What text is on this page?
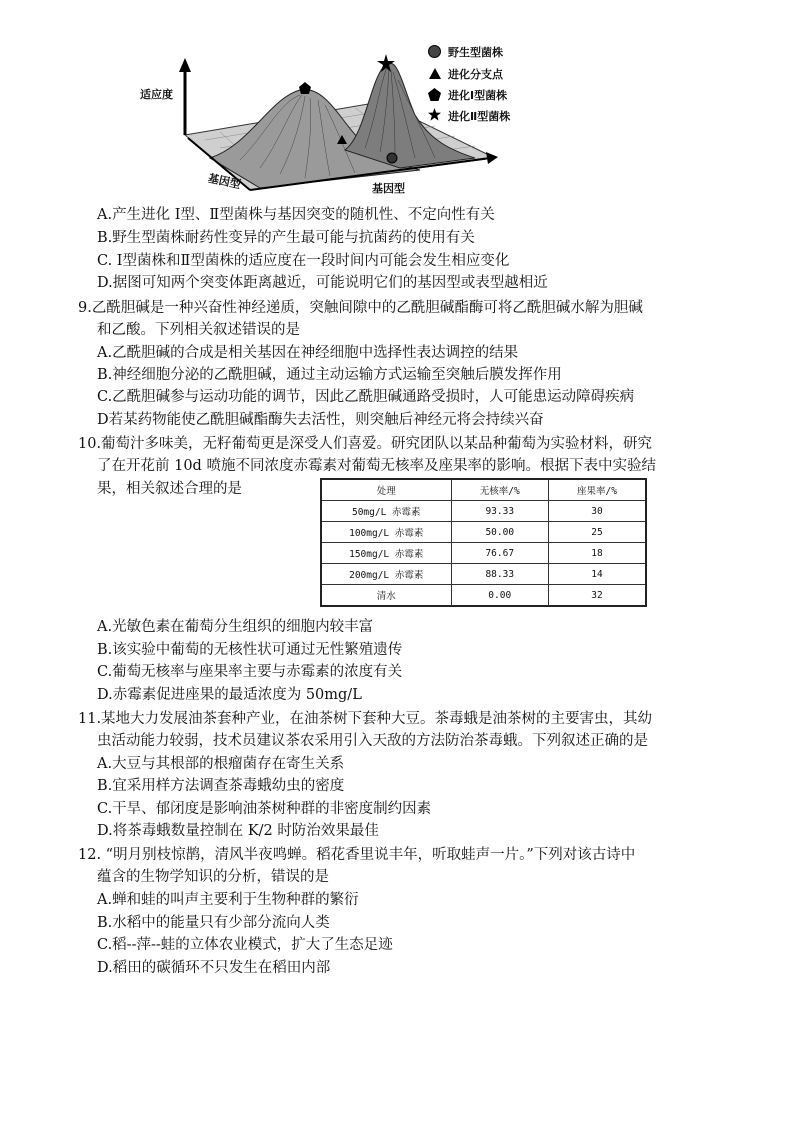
适应度
基因型	基因型
野生型菌株
进化分支点
进化Ⅰ型菌株
进化Ⅱ型菌株
A.产生进化 Ⅰ型、Ⅱ型菌株与基因突变的随机性、不定向性有关
B.野生型菌株耐药性变异的产生最可能与抗菌药的使用有关
C. Ⅰ型菌株和Ⅱ型菌株的适应度在一段时间内可能会发生相应变化
D.据图可知两个突变体距离越近，可能说明它们的基因型或表型越相近
9.乙酰胆碱是一种兴奋性神经递质，突触间隙中的乙酰胆碱酯酶可将乙酰胆碱水解为胆碱
和乙酸。下列相关叙述错误的是
A.乙酰胆碱的合成是相关基因在神经细胞中选择性表达调控的结果
B.神经细胞分泌的乙酰胆碱，通过主动运输方式运输至突触后膜发挥作用
C.乙酰胆碱参与运动功能的调节，因此乙酰胆碱通路受损时，人可能患运动障碍疾病
D若某药物能使乙酰胆碱酯酶失去活性，则突触后神经元将会持续兴奋
10.葡萄汁多味美，无籽葡萄更是深受人们喜爱。研究团队以某品种葡萄为实验材料，研究
了在开花前 10d 喷施不同浓度赤霉素对葡萄无核率及座果率的影响。根据下表中实验结
果，相关叙述合理的是	处理	无核率/%	座果率/%
50mg/L 赤霉素	93.33	30
100mg/L 赤霉素	50.00	25
150mg/L 赤霉素	76.67	18
200mg/L 赤霉素	88.33	14
清水	0.00	32
A.光敏色素在葡萄分生组织的细胞内较丰富
B.该实验中葡萄的无核性状可通过无性繁殖遗传
C.葡萄无核率与座果率主要与赤霉素的浓度有关
D.赤霉素促进座果的最适浓度为 50mg/L
11.某地大力发展油茶套种产业，在油茶树下套种大豆。茶毒蛾是油茶树的主要害虫，其幼
虫活动能力较弱，技术员建议茶农采用引入天敌的方法防治茶毒蛾。下列叙述正确的是
A.大豆与其根部的根瘤菌存在寄生关系
B.宜采用样方法调查茶毒蛾幼虫的密度
C.干旱、郁闭度是影响油茶树种群的非密度制约因素
D.将茶毒蛾数量控制在 K/2 时防治效果最佳
12. “明月别枝惊鹊，清风半夜鸣蝉。稻花香里说丰年，听取蛙声一片。”下列对该古诗中
蕴含的生物学知识的分析，错误的是
A.蝉和蛙的叫声主要利于生物种群的繁衍
B.水稻中的能量只有少部分流向人类
C.稻--萍--蛙的立体农业模式，扩大了生态足迹
D.稻田的碳循环不只发生在稻田内部
